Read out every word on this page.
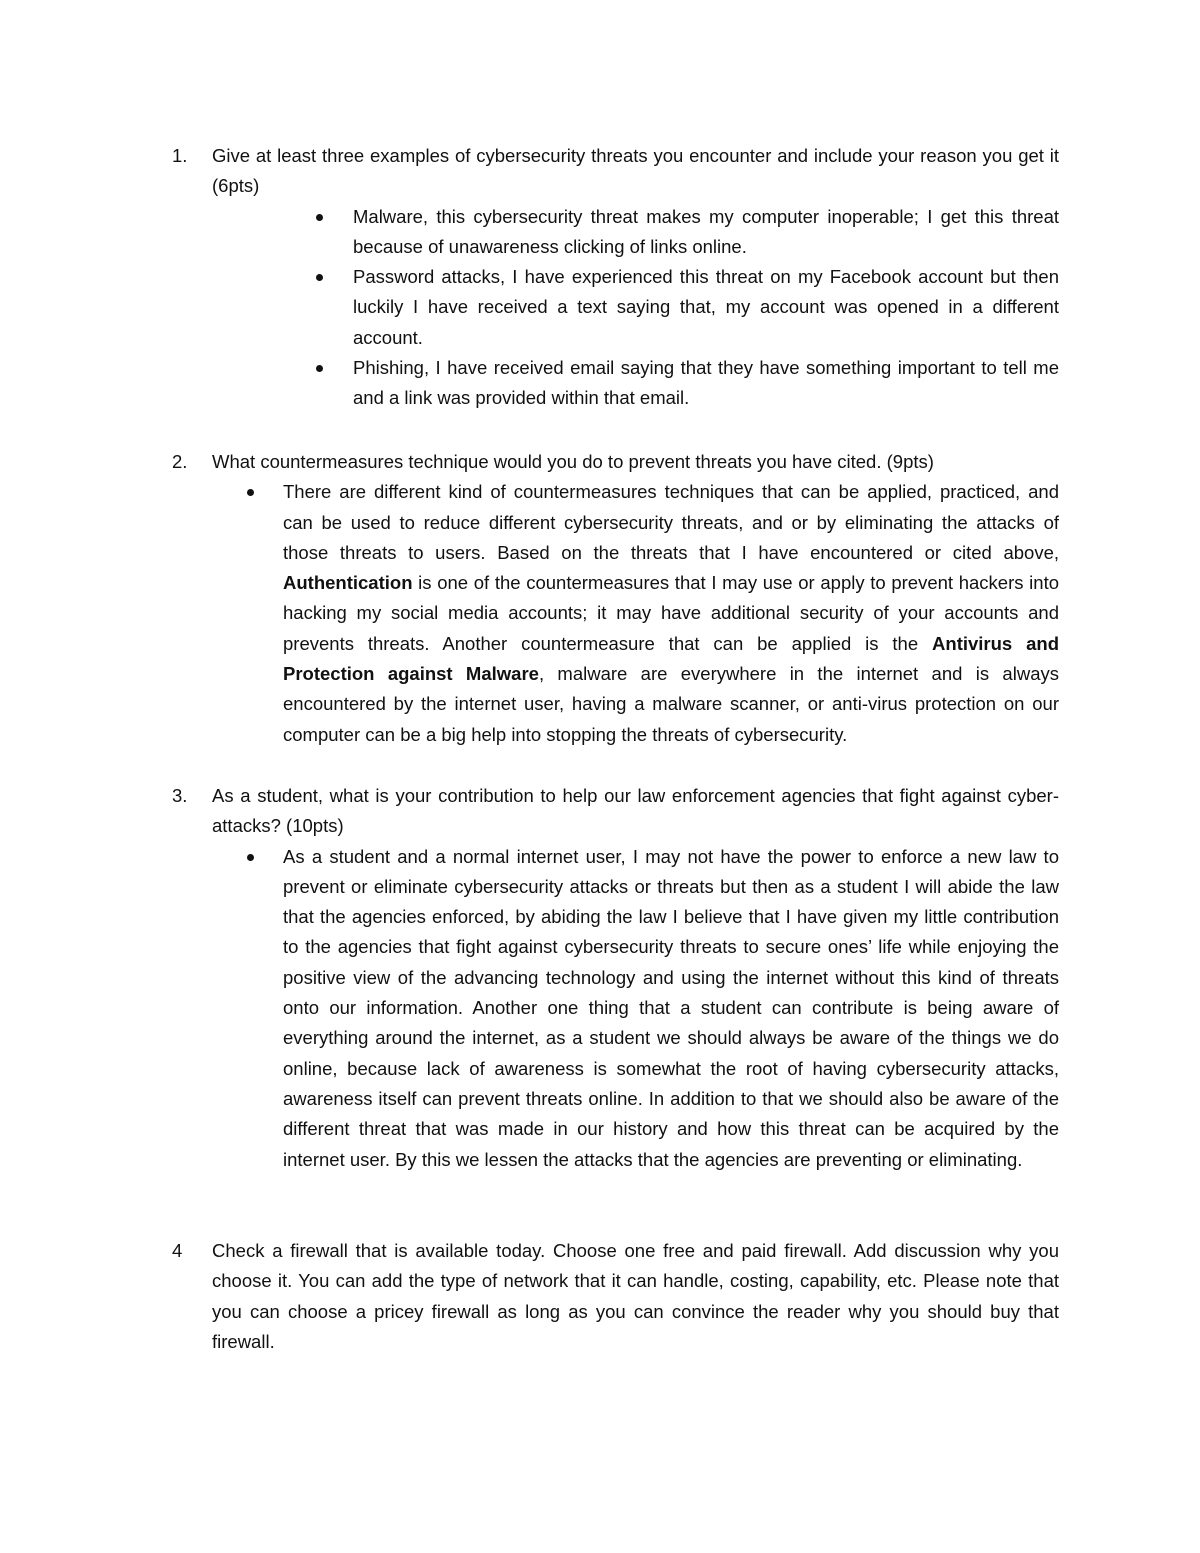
1. Give at least three examples of cybersecurity threats you encounter and include your reason you get it (6pts)
Malware, this cybersecurity threat makes my computer inoperable; I get this threat because of unawareness clicking of links online.
Password attacks, I have experienced this threat on my Facebook account but then luckily I have received a text saying that, my account was opened in a different account.
Phishing, I have received email saying that they have something important to tell me and a link was provided within that email.
2. What countermeasures technique would you do to prevent threats you have cited. (9pts)
There are different kind of countermeasures techniques that can be applied, practiced, and can be used to reduce different cybersecurity threats, and or by eliminating the attacks of those threats to users. Based on the threats that I have encountered or cited above, Authentication is one of the countermeasures that I may use or apply to prevent hackers into hacking my social media accounts; it may have additional security of your accounts and prevents threats. Another countermeasure that can be applied is the Antivirus and Protection against Malware, malware are everywhere in the internet and is always encountered by the internet user, having a malware scanner, or anti-virus protection on our computer can be a big help into stopping the threats of cybersecurity.
3. As a student, what is your contribution to help our law enforcement agencies that fight against cyber-attacks? (10pts)
As a student and a normal internet user, I may not have the power to enforce a new law to prevent or eliminate cybersecurity attacks or threats but then as a student I will abide the law that the agencies enforced, by abiding the law I believe that I have given my little contribution to the agencies that fight against cybersecurity threats to secure ones’ life while enjoying the positive view of the advancing technology and using the internet without this kind of threats onto our information. Another one thing that a student can contribute is being aware of everything around the internet, as a student we should always be aware of the things we do online, because lack of awareness is somewhat the root of having cybersecurity attacks, awareness itself can prevent threats online. In addition to that we should also be aware of the different threat that was made in our history and how this threat can be acquired by the internet user. By this we lessen the attacks that the agencies are preventing or eliminating.
4 Check a firewall that is available today. Choose one free and paid firewall. Add discussion why you choose it. You can add the type of network that it can handle, costing, capability, etc. Please note that you can choose a pricey firewall as long as you can convince the reader why you should buy that firewall.
